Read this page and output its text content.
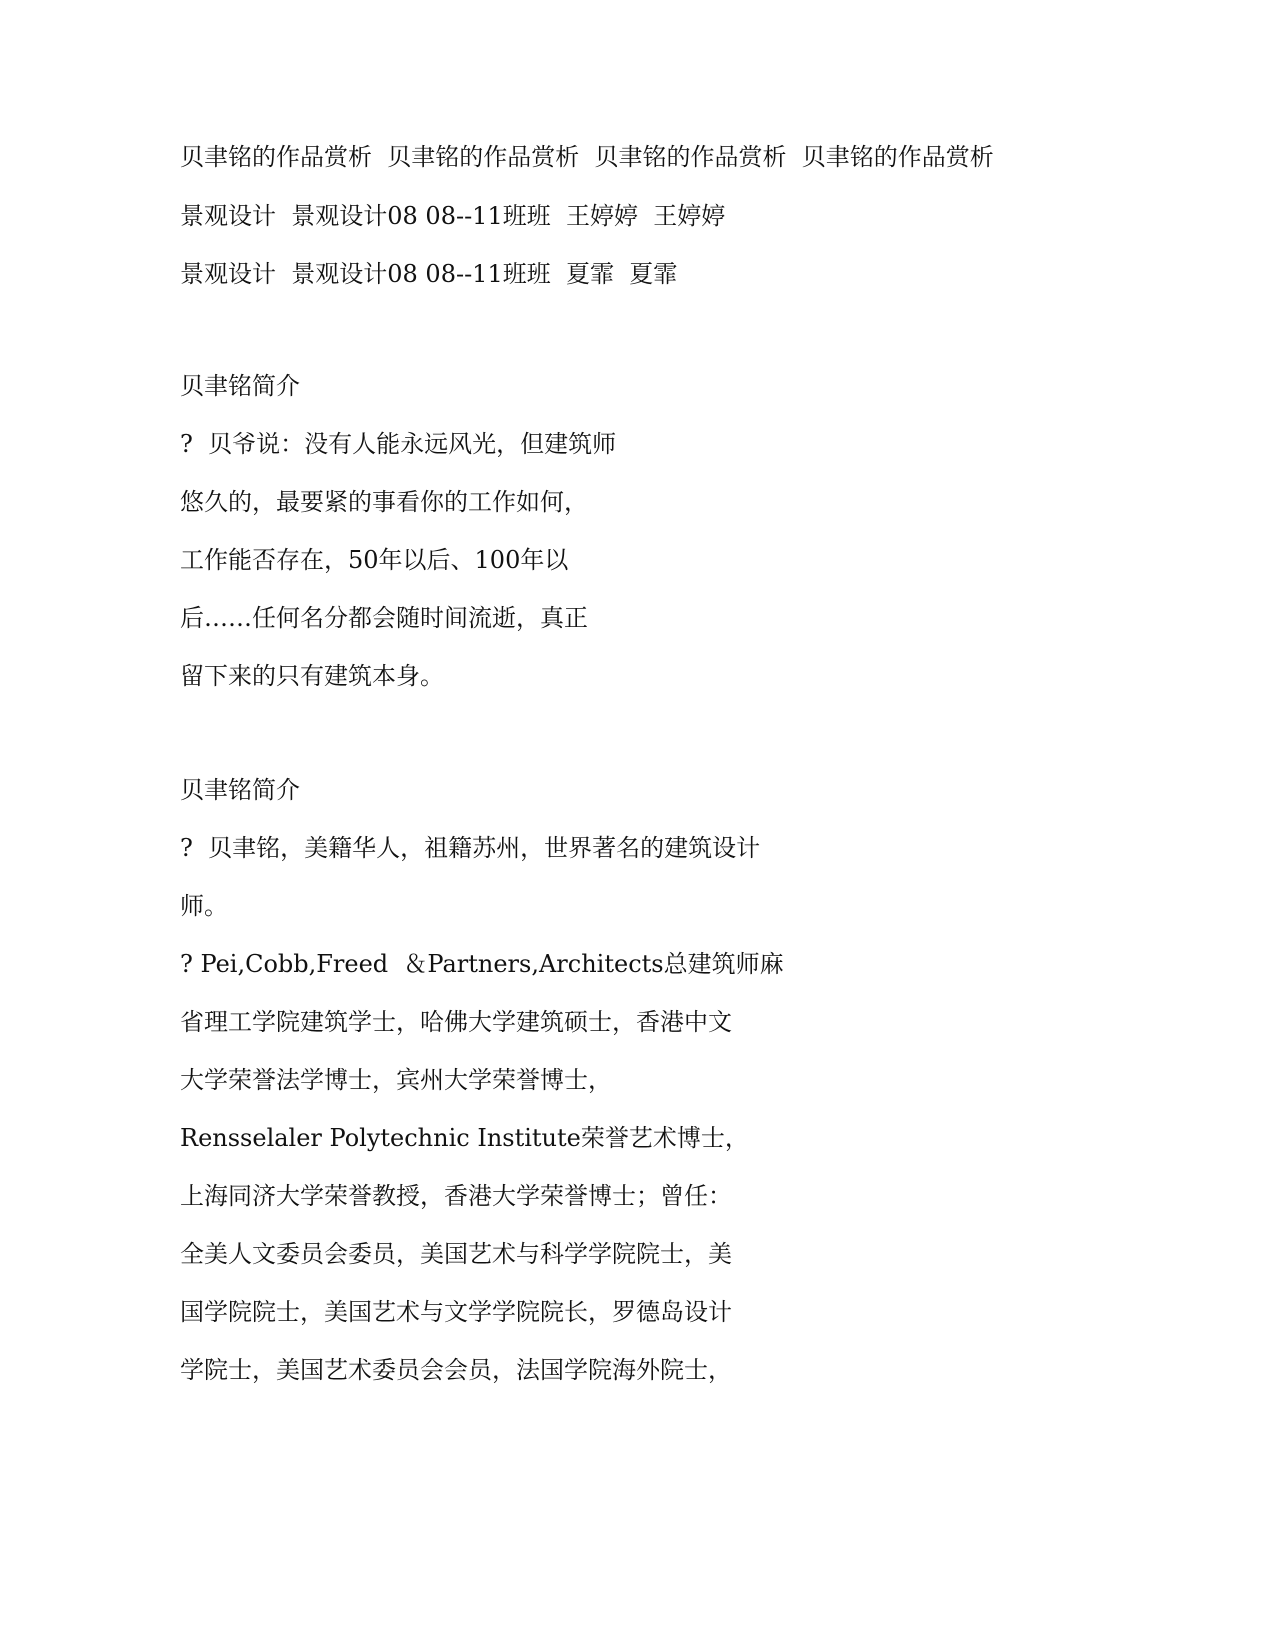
贝聿铭的作品赏析  贝聿铭的作品赏析  贝聿铭的作品赏析  贝聿铭的作品赏析
景观设计  景观设计08 08--11班班  王婷婷  王婷婷
景观设计  景观设计08 08--11班班  夏霏  夏霏
贝聿铭简介
?  贝爷说：没有人能永远风光，但建筑师
悠久的，最要紧的事看你的工作如何，
工作能否存在，50年以后、100年以
后……任何名分都会随时间流逝，真正
留下来的只有建筑本身。
贝聿铭简介
?  贝聿铭，美籍华人，祖籍苏州，世界著名的建筑设计
师。
? Pei,Cobb,Freed  ＆Partners,Architects总建筑师麻
省理工学院建筑学士，哈佛大学建筑硕士，香港中文
大学荣誉法学博士，宾州大学荣誉博士，
Rensselaler Polytechnic Institute荣誉艺术博士，
上海同济大学荣誉教授，香港大学荣誉博士；曾任：
全美人文委员会委员，美国艺术与科学学院院士，美
国学院院士，美国艺术与文学学院院长，罗德岛设计
学院士，美国艺术委员会会员，法国学院海外院士，
